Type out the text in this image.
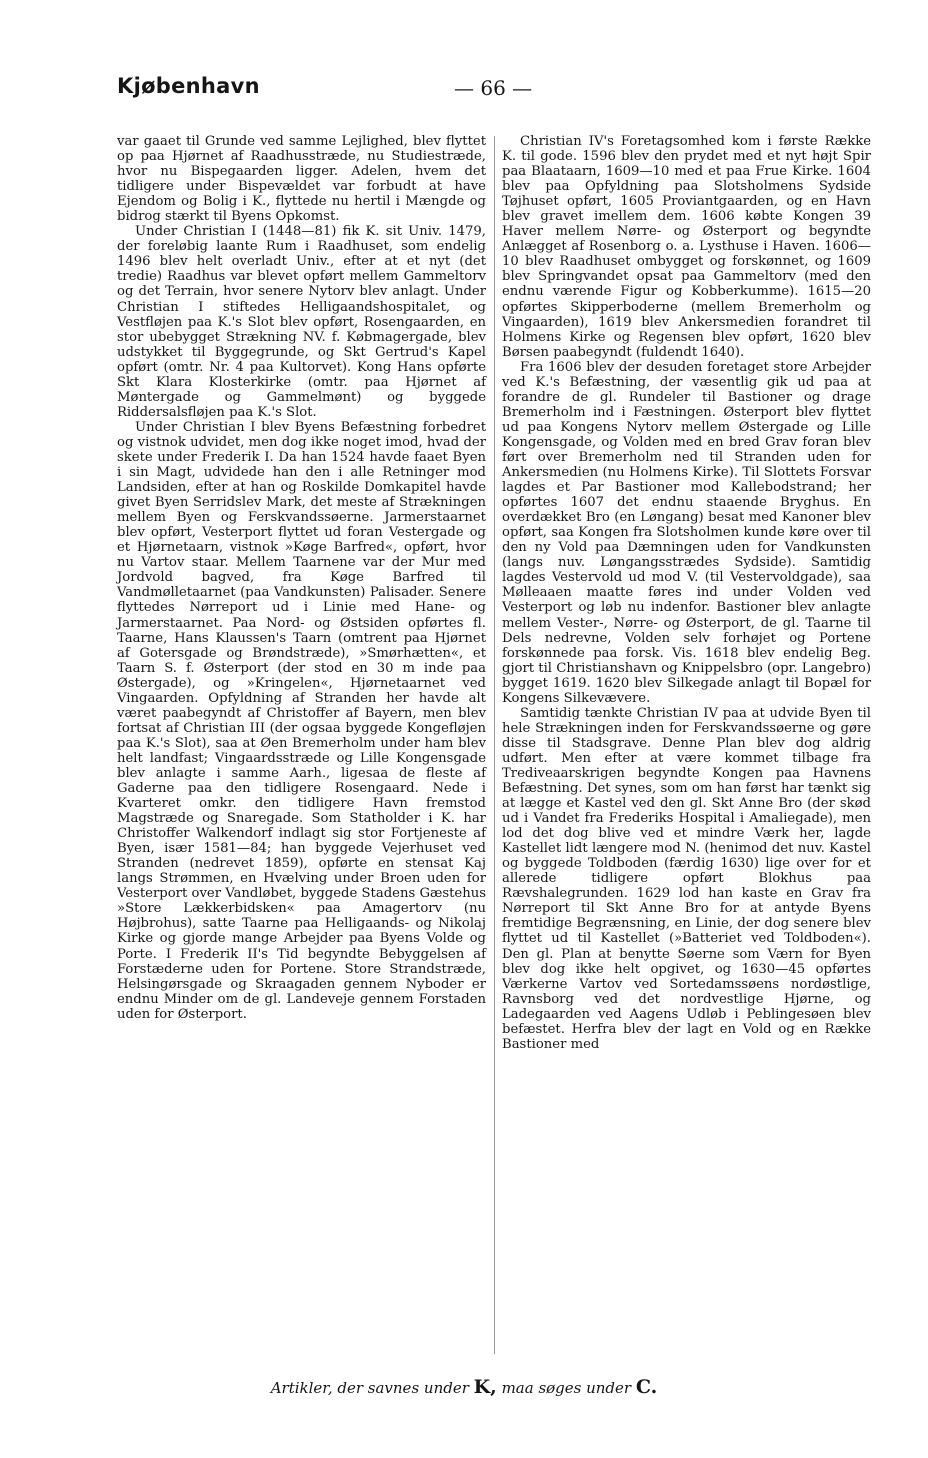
Kjøbenhavn	— 66 —

var gaaet til Grunde ved samme Lejlighed, blev flyttet op paa Hjørnet af Raadhusstræde, nu Studiestræde, hvor nu Bispegaarden ligger. Adelen, hvem det tidligere under Bispevældet var forbudt at have Ejendom og Bolig i K., flyttede nu hertil i Mængde og bidrog stærkt til Byens Opkomst.

Under Christian I (1448—81) fik K. sit Univ. 1479, der foreløbig laante Rum i Raadhuset, som endelig 1496 blev helt overladt Univ., efter at et nyt (det tredie) Raadhus var blevet opført mellem Gammeltorv og det Terrain, hvor senere Nytorv blev anlagt. Under Christian I stiftedes Helligaandshospitalet, og Vestfløjen paa K.'s Slot blev opført, Rosengaarden, en stor ubebygget Strækning NV. f. Købmagergade, blev udstykket til Byggegrunde, og Skt Gertrud's Kapel opført (omtr. Nr. 4 paa Kultorvet). Kong Hans opførte Skt Klara Klosterkirke (omtr. paa Hjørnet af Møntergade og Gammelmønt) og byggede Riddersalsfløjen paa K.'s Slot.

Under Christian I blev Byens Befæstning forbedret og vistnok udvidet, men dog ikke noget imod, hvad der skete under Frederik I. Da han 1524 havde faaet Byen i sin Magt, udvidede han den i alle Retninger mod Landsiden, efter at han og Roskilde Domkapitel havde givet Byen Serridslev Mark, det meste af Strækningen mellem Byen og Ferskvandssøerne. Jarmerstaarnet blev opført, Vesterport flyttet ud foran Vestergade og et Hjørnetaarn, vistnok »Køge Barfred«, opført, hvor nu Vartov staar. Mellem Taarnene var der Mur med Jordvold bagved, fra Køge Barfred til Vandmølletaarnet (paa Vandkunsten) Palisader. Senere flyttedes Nørreport ud i Linie med Hane- og Jarmerstaarnet. Paa Nord- og Østsiden opførtes fl. Taarne, Hans Klaussen's Taarn (omtrent paa Hjørnet af Gotersgade og Brøndstræde), »Smørhætten«, et Taarn S. f. Østerport (der stod en 30 m inde paa Østergade), og »Kringelen«, Hjørnetaarnet ved Vingaarden. Opfyldning af Stranden her havde alt været paabegyndt af Christoffer af Bayern, men blev fortsat af Christian III (der ogsaa byggede Kongefløjen paa K.'s Slot), saa at Øen Bremerholm under ham blev helt landfast; Vingaardsstræde og Lille Kongensgade blev anlagte i samme Aarh., ligesaa de fleste af Gaderne paa den tidligere Rosengaard. Nede i Kvarteret omkr. den tidligere Havn fremstod Magstræde og Snaregade. Som Statholder i K. har Christoffer Walkendorf indlagt sig stor Fortjeneste af Byen, især 1581—84; han byggede Vejerhuset ved Stranden (nedrevet 1859), opførte en stensat Kaj langs Strømmen, en Hvælving under Broen uden for Vesterport over Vandløbet, byggede Stadens Gæstehus »Store Lækkerbidsken« paa Amagertorv (nu Højbrohus), satte Taarne paa Helligaands- og Nikolaj Kirke og gjorde mange Arbejder paa Byens Volde og Porte. I Frederik II's Tid begyndte Bebyggelsen af Forstæderne uden for Portene. Store Strandstræde, Helsingørsgade og Skraagaden gennem Nyboder er endnu Minder om de gl. Landeveje gennem Forstaden uden for Østerport.

Christian IV's Foretagsomhed kom i første Række K. til gode. 1596 blev den prydet med et nyt højt Spir paa Blaataarn, 1609—10 med et paa Frue Kirke. 1604 blev paa Opfyldning paa Slotsholmens Sydside Tøjhuset opført, 1605 Proviantgaarden, og en Havn blev gravet imellem dem. 1606 købte Kongen 39 Haver mellem Nørre- og Østerport og begyndte Anlægget af Rosenborg o. a. Lysthuse i Haven. 1606—10 blev Raadhuset ombygget og forskønnet, og 1609 blev Springvandet opsat paa Gammeltorv (med den endnu værende Figur og Kobberkumme). 1615—20 opførtes Skipperboderne (mellem Bremerholm og Vingaarden), 1619 blev Ankersmedien forandret til Holmens Kirke og Regensen blev opført, 1620 blev Børsen paabegyndt (fuldendt 1640).

Fra 1606 blev der desuden foretaget store Arbejder ved K.'s Befæstning, der væsentlig gik ud paa at forandre de gl. Rundeler til Bastioner og drage Bremerholm ind i Fæstningen. Østerport blev flyttet ud paa Kongens Nytorv mellem Østergade og Lille Kongensgade, og Volden med en bred Grav foran blev ført over Bremerholm ned til Stranden uden for Ankersmedien (nu Holmens Kirke). Til Slottets Forsvar lagdes et Par Bastioner mod Kallebodstrand; her opførtes 1607 det endnu staaende Bryghus. En overdækket Bro (en Løngang) besat med Kanoner blev opført, saa Kongen fra Slotsholmen kunde køre over til den ny Vold paa Dæmningen uden for Vandkunsten (langs nuv. Løngangsstrædes Sydside). Samtidig lagdes Vestervold ud mod V. (til Vestervoldgade), saa Mølleaaen maatte føres ind under Volden ved Vesterport og løb nu indenfor. Bastioner blev anlagte mellem Vester-, Nørre- og Østerport, de gl. Taarne til Dels nedrevne, Volden selv forhøjet og Portene forskønnede paa forsk. Vis. 1618 blev endelig Beg. gjort til Christianshavn og Knippelsbro (opr. Langebro) bygget 1619. 1620 blev Silkegade anlagt til Bopæl for Kongens Silkevævere.

Samtidig tænkte Christian IV paa at udvide Byen til hele Strækningen inden for Ferskvandssøerne og gøre disse til Stadsgrave. Denne Plan blev dog aldrig udført. Men efter at være kommet tilbage fra Trediveaarskrigen begyndte Kongen paa Havnens Befæstning. Det synes, som om han først har tænkt sig at lægge et Kastel ved den gl. Skt Anne Bro (der skød ud i Vandet fra Frederiks Hospital i Amaliegade), men lod det dog blive ved et mindre Værk her, lagde Kastellet lidt længere mod N. (henimod det nuv. Kastel og byggede Toldboden (færdig 1630) lige over for et allerede tidligere opført Blokhus paa Rævshalegrunden. 1629 lod han kaste en Grav fra Nørreport til Skt Anne Bro for at antyde Byens fremtidige Begrænsning, en Linie, der dog senere blev flyttet ud til Kastellet (»Batteriet ved Toldboden«). Den gl. Plan at benytte Søerne som Værn for Byen blev dog ikke helt opgivet, og 1630—45 opførtes Værkerne Vartov ved Sortedamssøens nordøstlige, Ravnsborg ved det nordvestlige Hjørne, og Ladegaarden ved Aagens Udløb i Peblingesøen blev befæstet. Herfra blev der lagt en Vold og en Række Bastioner med

Artikler, der savnes under K, maa søges under C.
